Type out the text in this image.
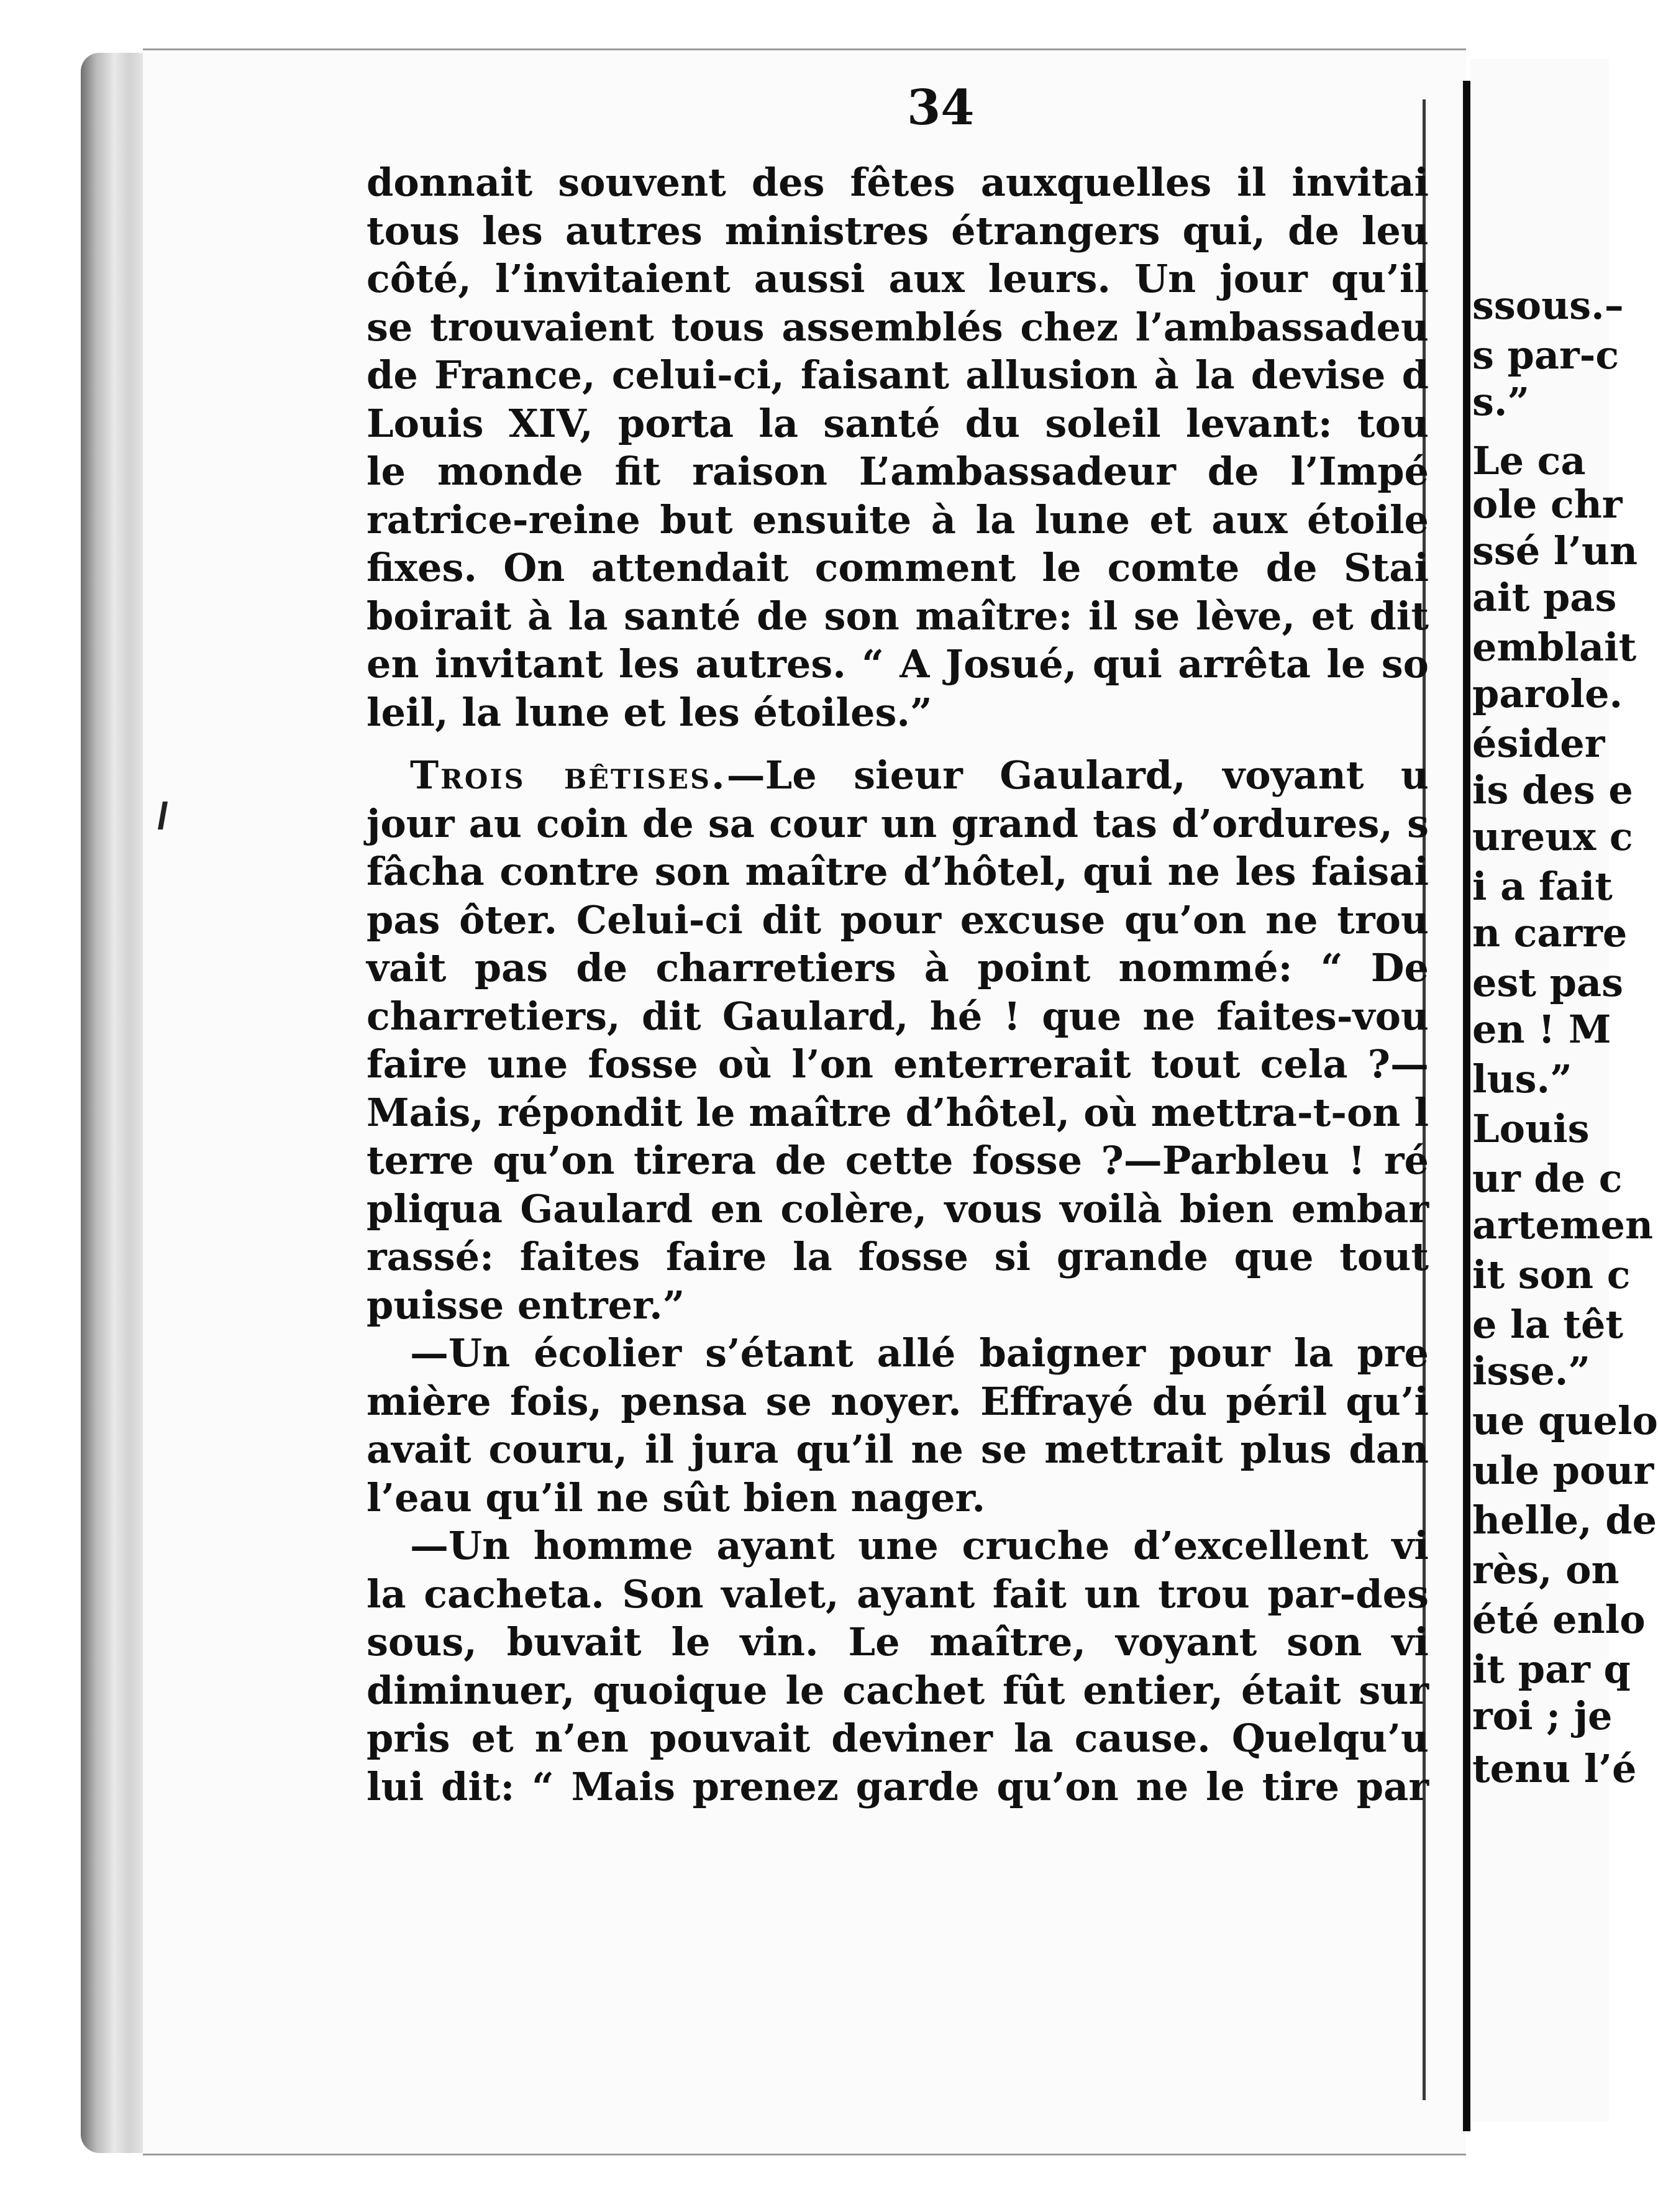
34
donnait souvent des fêtes auxquelles il invitai
tous les autres ministres étrangers qui, de leu
côté, l’invitaient aussi aux leurs. Un jour qu’il
se trouvaient tous assemblés chez l’ambassadeu
de France, celui-ci, faisant allusion à la devise d
Louis XIV, porta la santé du soleil levant: tou
le monde fit raison L’ambassadeur de l’Impé
ratrice-reine but ensuite à la lune et aux étoile
fixes. On attendait comment le comte de Stai
boirait à la santé de son maître: il se lève, et dit
en invitant les autres. “ A Josué, qui arrêta le so
leil, la lune et les étoiles.”
Trois bêtises.—Le sieur Gaulard, voyant u
jour au coin de sa cour un grand tas d’ordures, s
fâcha contre son maître d’hôtel, qui ne les faisai
pas ôter. Celui-ci dit pour excuse qu’on ne trou
vait pas de charretiers à point nommé: “ De
charretiers, dit Gaulard, hé ! que ne faites-vou
faire une fosse où l’on enterrerait tout cela ?—
Mais, répondit le maître d’hôtel, où mettra-t-on l
terre qu’on tirera de cette fosse ?—Parbleu ! ré
pliqua Gaulard en colère, vous voilà bien embar
rassé: faites faire la fosse si grande que tout
puisse entrer.”
—Un écolier s’étant allé baigner pour la pre
mière fois, pensa se noyer. Effrayé du péril qu’i
avait couru, il jura qu’il ne se mettrait plus dan
l’eau qu’il ne sût bien nager.
—Un homme ayant une cruche d’excellent vi
la cacheta. Son valet, ayant fait un trou par-des
sous, buvait le vin. Le maître, voyant son vi
diminuer, quoique le cachet fût entier, était sur
pris et n’en pouvait deviner la cause. Quelqu’u
lui dit: “ Mais prenez garde qu’on ne le tire par
ssous.–
s par-c
s.”
Le ca
ole chr
ssé l’un
ait pas
emblait
parole.
ésider
is des e
ureux c
i a fait
n carre
est pas
en ! M
lus.”
Louis
ur de c
artemen
it son c
e la têt
isse.”
ue quelo
ule pour
helle, de
rès, on
été enlo
it par q
roi ; je
tenu l’é
